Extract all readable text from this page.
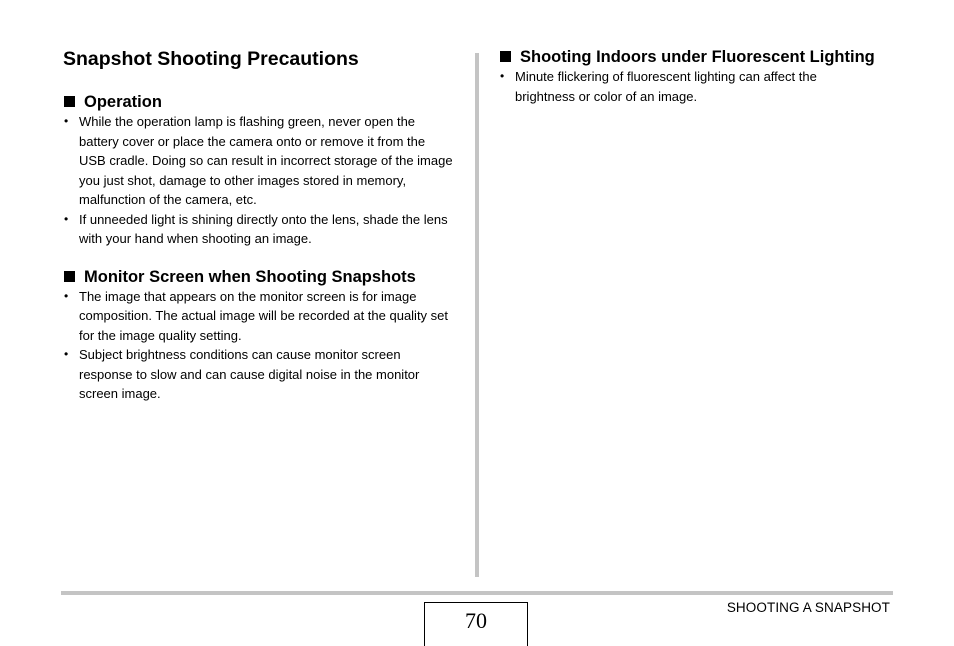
Snapshot Shooting Precautions
Operation
• While the operation lamp is flashing green, never open the battery cover or place the camera onto or remove it from the USB cradle. Doing so can result in incorrect storage of the image you just shot, damage to other images stored in memory, malfunction of the camera, etc.
• If unneeded light is shining directly onto the lens, shade the lens with your hand when shooting an image.
Monitor Screen when Shooting Snapshots
• The image that appears on the monitor screen is for image composition. The actual image will be recorded at the quality set for the image quality setting.
• Subject brightness conditions can cause monitor screen response to slow and can cause digital noise in the monitor screen image.
Shooting Indoors under Fluorescent Lighting
• Minute flickering of fluorescent lighting can affect the brightness or color of an image.
70
SHOOTING A SNAPSHOT
